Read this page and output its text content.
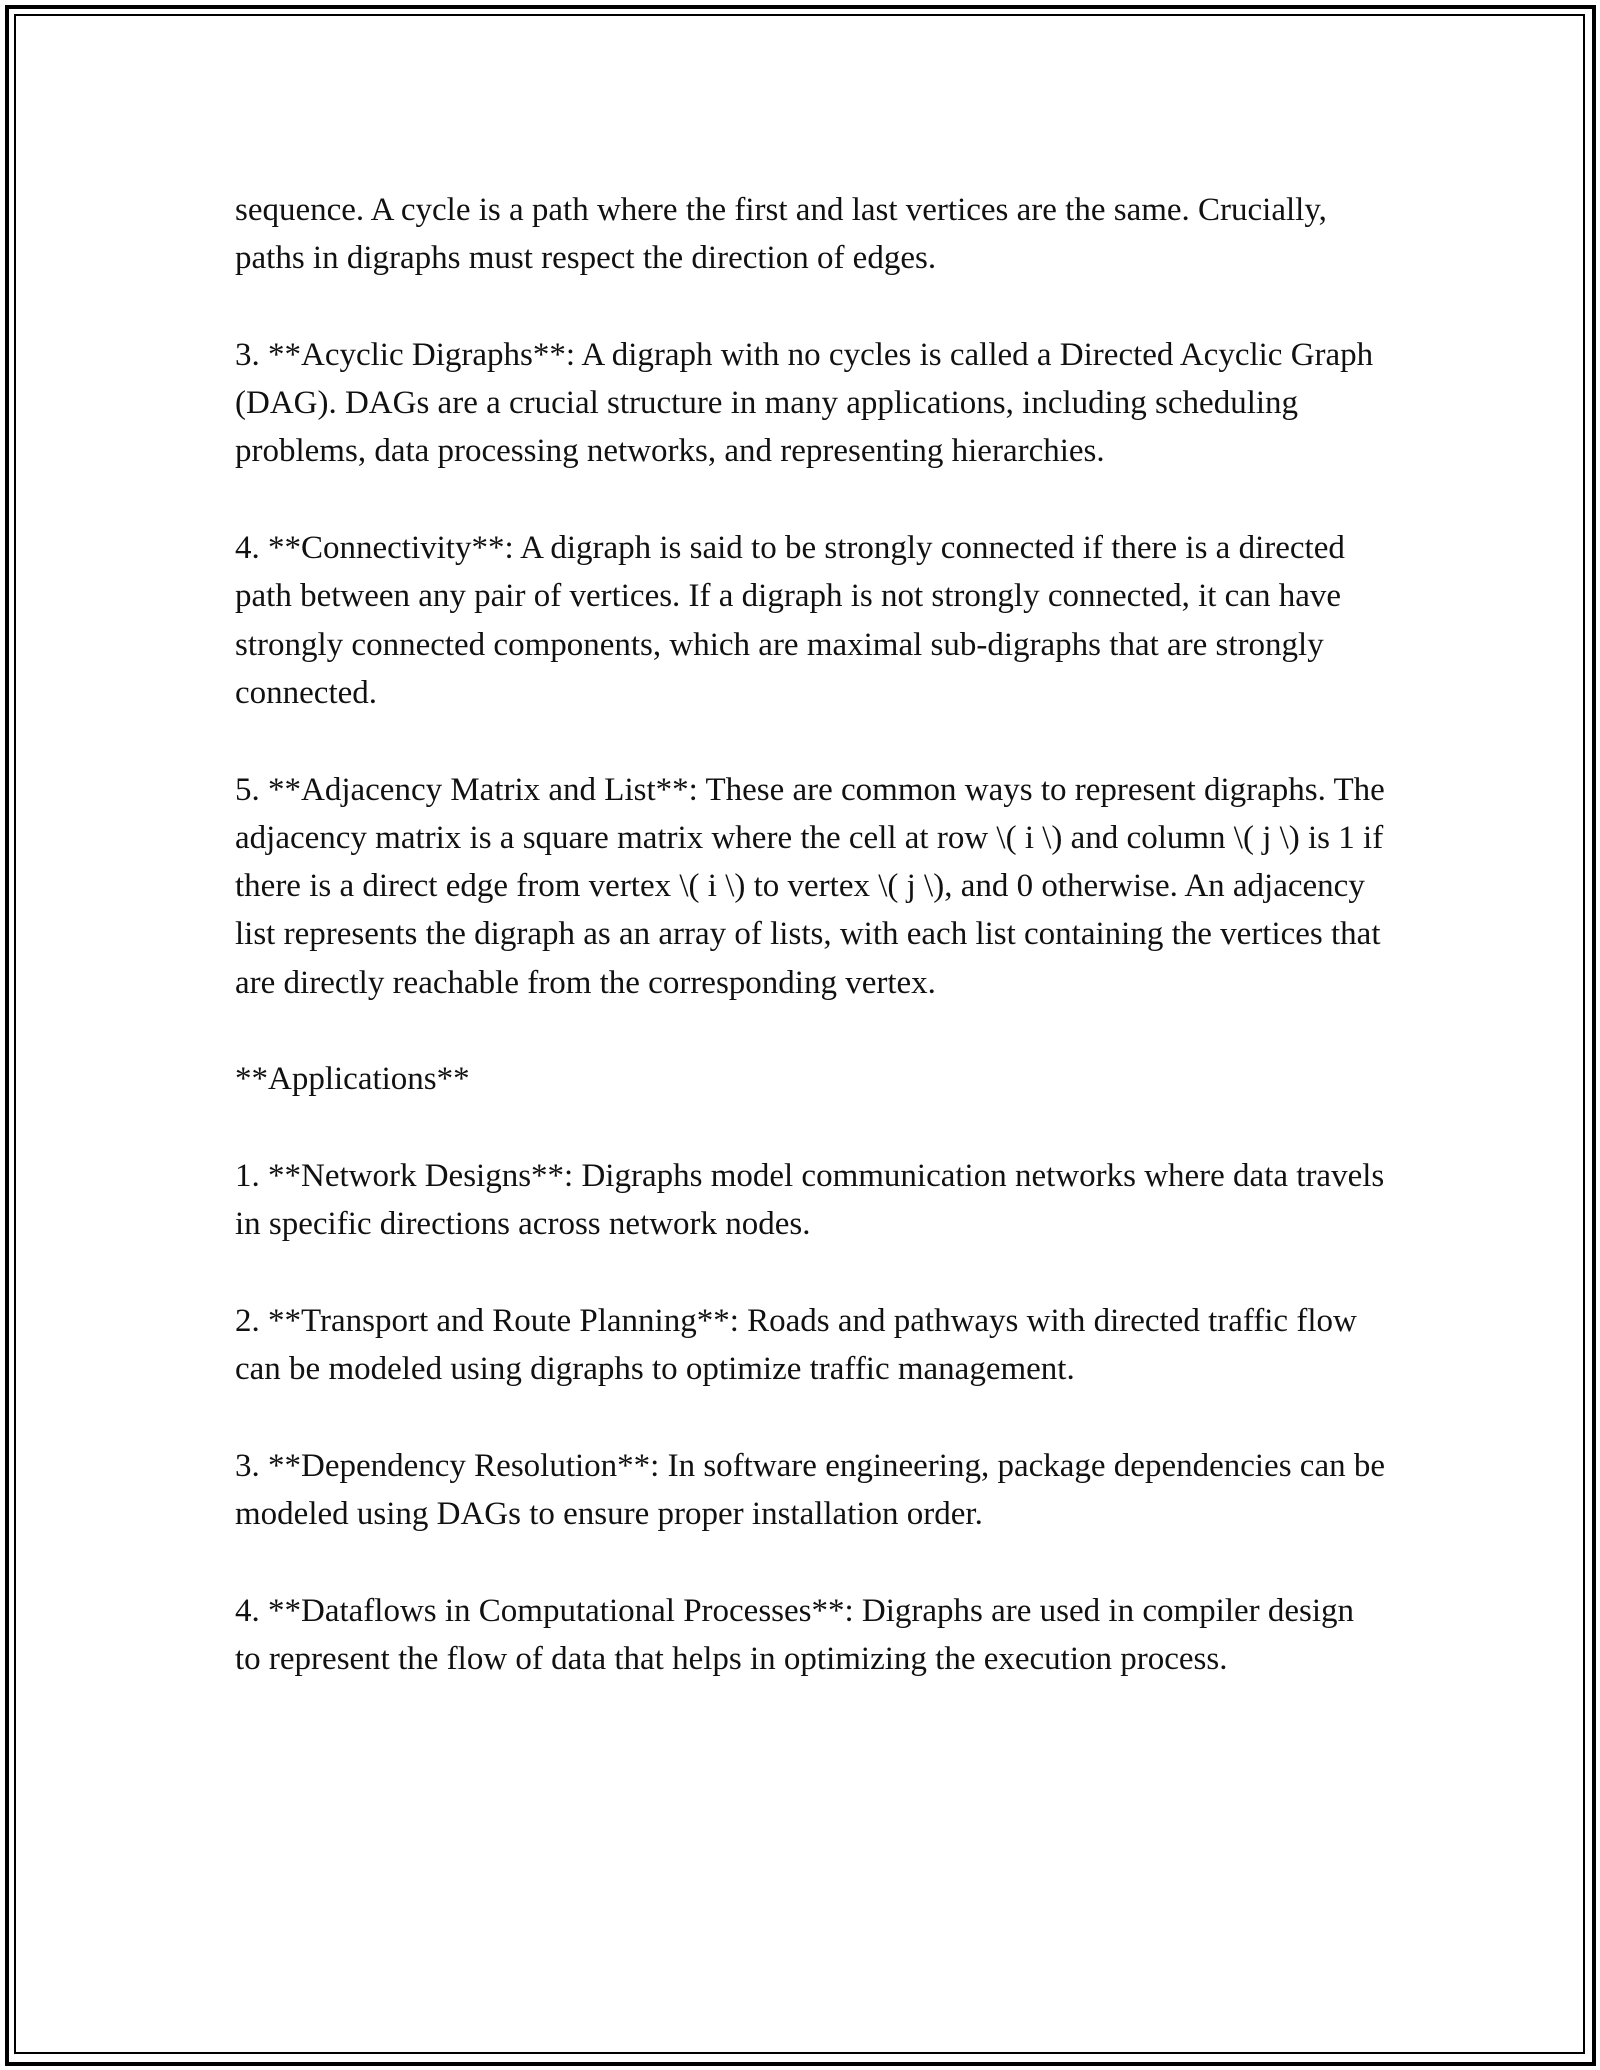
sequence. A cycle is a path where the first and last vertices are the same. Crucially, paths in digraphs must respect the direction of edges.

3. **Acyclic Digraphs**: A digraph with no cycles is called a Directed Acyclic Graph (DAG). DAGs are a crucial structure in many applications, including scheduling problems, data processing networks, and representing hierarchies.

4. **Connectivity**: A digraph is said to be strongly connected if there is a directed path between any pair of vertices. If a digraph is not strongly connected, it can have strongly connected components, which are maximal sub-digraphs that are strongly connected.

5. **Adjacency Matrix and List**: These are common ways to represent digraphs. The adjacency matrix is a square matrix where the cell at row \( i \) and column \( j \) is 1 if there is a direct edge from vertex \( i \) to vertex \( j \), and 0 otherwise. An adjacency list represents the digraph as an array of lists, with each list containing the vertices that are directly reachable from the corresponding vertex.

**Applications**

1. **Network Designs**: Digraphs model communication networks where data travels in specific directions across network nodes.

2. **Transport and Route Planning**: Roads and pathways with directed traffic flow can be modeled using digraphs to optimize traffic management.

3. **Dependency Resolution**: In software engineering, package dependencies can be modeled using DAGs to ensure proper installation order.

4. **Dataflows in Computational Processes**: Digraphs are used in compiler design to represent the flow of data that helps in optimizing the execution process.
